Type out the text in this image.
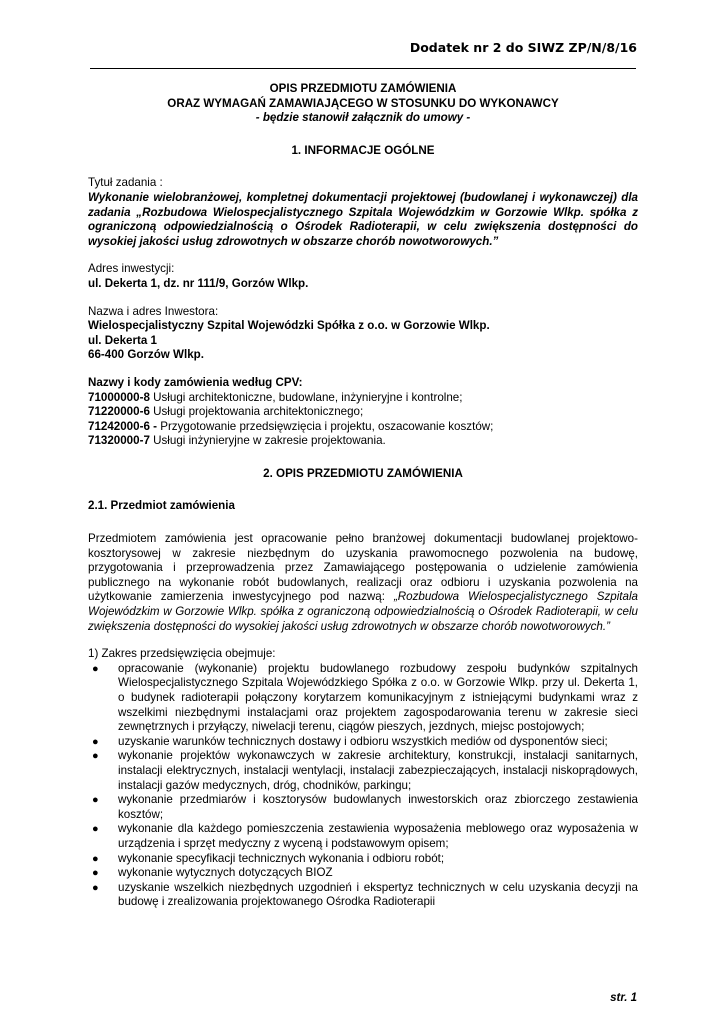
Dodatek nr 2 do SIWZ ZP/N/8/16

OPIS PRZEDMIOTU ZAMÓWIENIA

ORAZ WYMAGAŃ ZAMAWIAJĄCEGO W STOSUNKU DO WYKONAWCY

- będzie stanowił załącznik do umowy -

1. INFORMACJE OGÓLNE

Tytuł zadania :

Wykonanie wielobranżowej, kompletnej dokumentacji projektowej (budowlanej i wykonawczej) dla zadania „Rozbudowa Wielospecjalistycznego Szpitala Wojewódzkim w Gorzowie Wlkp. spółka z ograniczoną odpowiedzialnością o Ośrodek Radioterapii, w celu zwiększenia dostępności do wysokiej jakości usług zdrowotnych w obszarze chorób nowotworowych.”

Adres inwestycji:

ul. Dekerta 1, dz. nr 111/9, Gorzów Wlkp.

Nazwa i adres Inwestora:

Wielospecjalistyczny Szpital Wojewódzki Spółka z o.o. w Gorzowie Wlkp.

ul. Dekerta 1

66-400 Gorzów Wlkp.

Nazwy i kody zamówienia według CPV:

71000000-8 Usługi architektoniczne, budowlane, inżynieryjne i kontrolne;

71220000-6 Usługi projektowania architektonicznego;

71242000-6 - Przygotowanie przedsięwzięcia i projektu, oszacowanie kosztów;

71320000-7 Usługi inżynieryjne w zakresie projektowania.

2. OPIS PRZEDMIOTU ZAMÓWIENIA

2.1. Przedmiot zamówienia

Przedmiotem zamówienia jest opracowanie pełno branżowej dokumentacji budowlanej projektowo-kosztorysowej w zakresie niezbędnym do uzyskania prawomocnego pozwolenia na budowę, przygotowania i przeprowadzenia przez Zamawiającego postępowania o udzielenie zamówienia publicznego na wykonanie robót budowlanych, realizacji oraz odbioru i uzyskania pozwolenia na użytkowanie zamierzenia inwestycyjnego pod nazwą: „Rozbudowa Wielospecjalistycznego Szpitala Wojewódzkim w Gorzowie Wlkp. spółka z ograniczoną odpowiedzialnością o Ośrodek Radioterapii, w celu zwiększenia dostępności do wysokiej jakości usług zdrowotnych w obszarze chorób nowotworowych.”

1) Zakres przedsięwzięcia obejmuje:

● opracowanie (wykonanie) projektu budowlanego rozbudowy zespołu budynków szpitalnych Wielospecjalistycznego Szpitala Wojewódzkiego Spółka z o.o. w Gorzowie Wlkp. przy ul. Dekerta 1, o budynek radioterapii połączony korytarzem komunikacyjnym z istniejącymi budynkami wraz z wszelkimi niezbędnymi instalacjami oraz projektem zagospodarowania terenu w zakresie sieci zewnętrznych i przyłączy, niwelacji terenu, ciągów pieszych, jezdnych, miejsc postojowych;
● uzyskanie warunków technicznych dostawy i odbioru wszystkich mediów od dysponentów sieci;
● wykonanie projektów wykonawczych w zakresie architektury, konstrukcji, instalacji sanitarnych, instalacji elektrycznych, instalacji wentylacji, instalacji zabezpieczających, instalacji niskoprądowych, instalacji gazów medycznych, dróg, chodników, parkingu;
● wykonanie przedmiarów i kosztorysów budowlanych inwestorskich oraz zbiorczego zestawienia kosztów;
● wykonanie dla każdego pomieszczenia zestawienia wyposażenia meblowego oraz wyposażenia w urządzenia i sprzęt medyczny z wyceną i podstawowym opisem;
● wykonanie specyfikacji technicznych wykonania i odbioru robót;
● wykonanie wytycznych dotyczących BIOZ
● uzyskanie wszelkich niezbędnych uzgodnień i ekspertyz technicznych w celu uzyskania decyzji na budowę i zrealizowania projektowanego Ośrodka Radioterapii
str. 1
